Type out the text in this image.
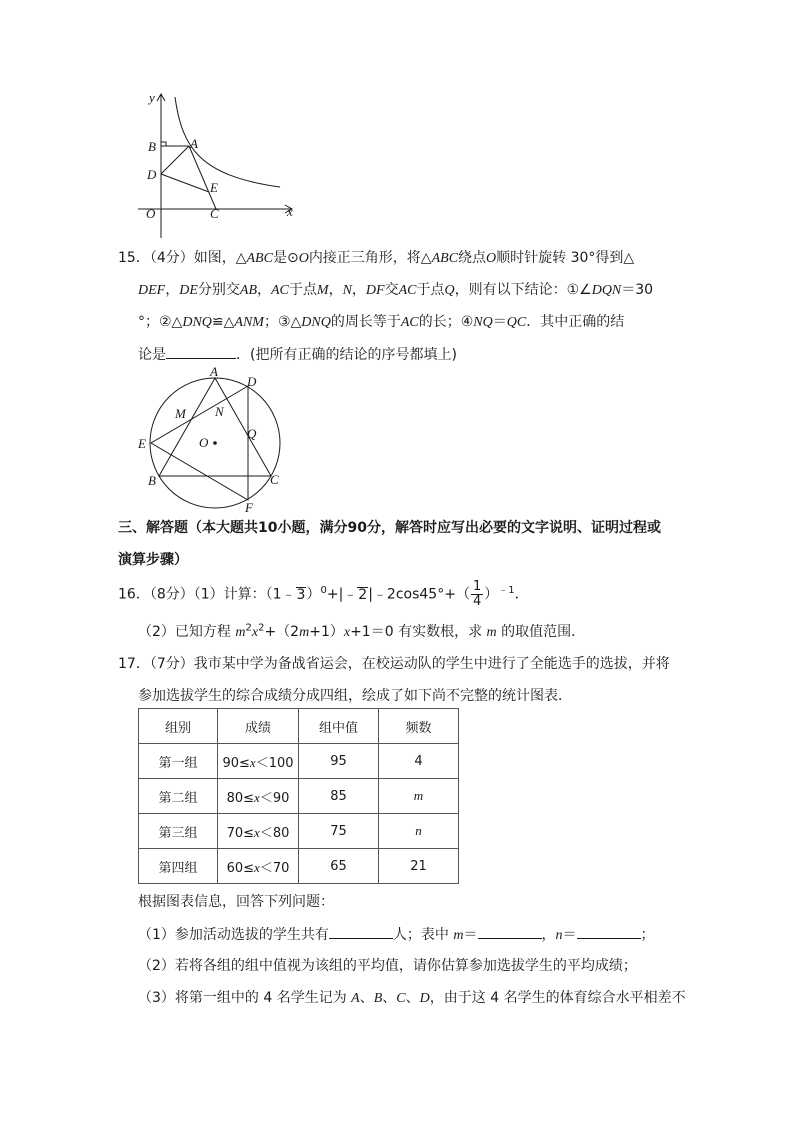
y
x
O
B	A
D
E
C
15．（4分）如图，△ABC是⊙O内接正三角形，将△ABC绕点O顺时针旋转 30°得到△
DEF，DE分别交AB，AC于点M，N，DF交AC于点Q，则有以下结论：①∠DQN＝30
°；②△DNQ≌△ANM；③△DNQ的周长等于AC的长；④NQ＝QC．其中正确的结
论是	．(把所有正确的结论的序号都填上)
A
D
M N
O
Q
E
B	C
F
三、解答题（本大题共10小题，满分90分，解答时应写出必要的文字说明、证明过程或
演算步骤）
16．（8分）（1）计算：（1﹣3）$^0$+|﹣2|﹣2cos45°+（ $\frac{1}{4} )^{﹣1}$．
（2）已知方程 $m^2x^2+(2m+1)x+1=0$ 有实数根，求 m 的取值范围．
17．（7分）我市某中学为备战省运会，在校运动队的学生中进行了全能选手的选拔，并将
参加选拔学生的综合成绩分成四组，绘成了如下尚不完整的统计图表．
组别	成绩	组中值	频数
第一组	90≤x＜100	95	4
第二组	80≤x＜90	85	m
第三组	70≤x＜80	75	n
第四组	60≤x＜70	65	21
根据图表信息，回答下列问题：
（1）参加活动选拔的学生共有	人；表中 m＝	，n＝	；
（2）若将各组的组中值视为该组的平均值，请你估算参加选拔学生的平均成绩；
（3）将第一组中的 4 名学生记为 A、B、C、D，由于这 4 名学生的体育综合水平相差不
